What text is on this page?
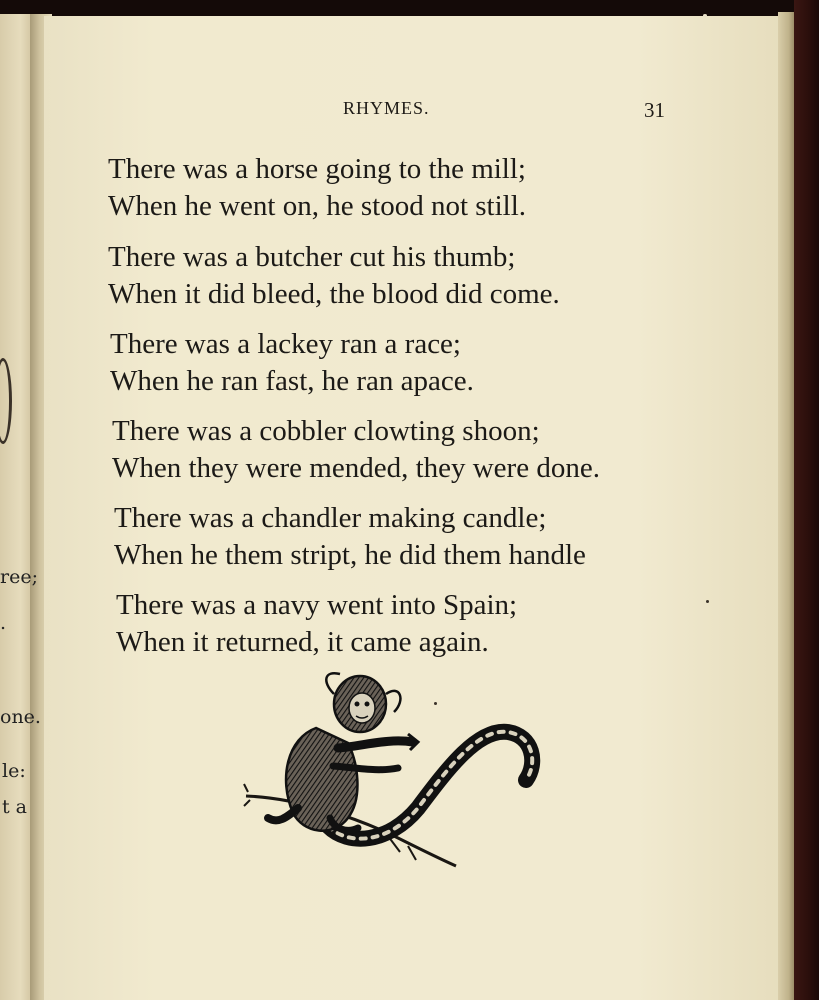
ree;
.
one.
le:
t a
RHYMES.	31
There was a horse going to the mill;
When he went on, he stood not still.
There was a butcher cut his thumb;
When it did bleed, the blood did come.
There was a lackey ran a race;
When he ran fast, he ran apace.
There was a cobbler clowting shoon;
When they were mended, they were done.
There was a chandler making candle;
When he them stript, he did them handle
There was a navy went into Spain;
When it returned, it came again.
